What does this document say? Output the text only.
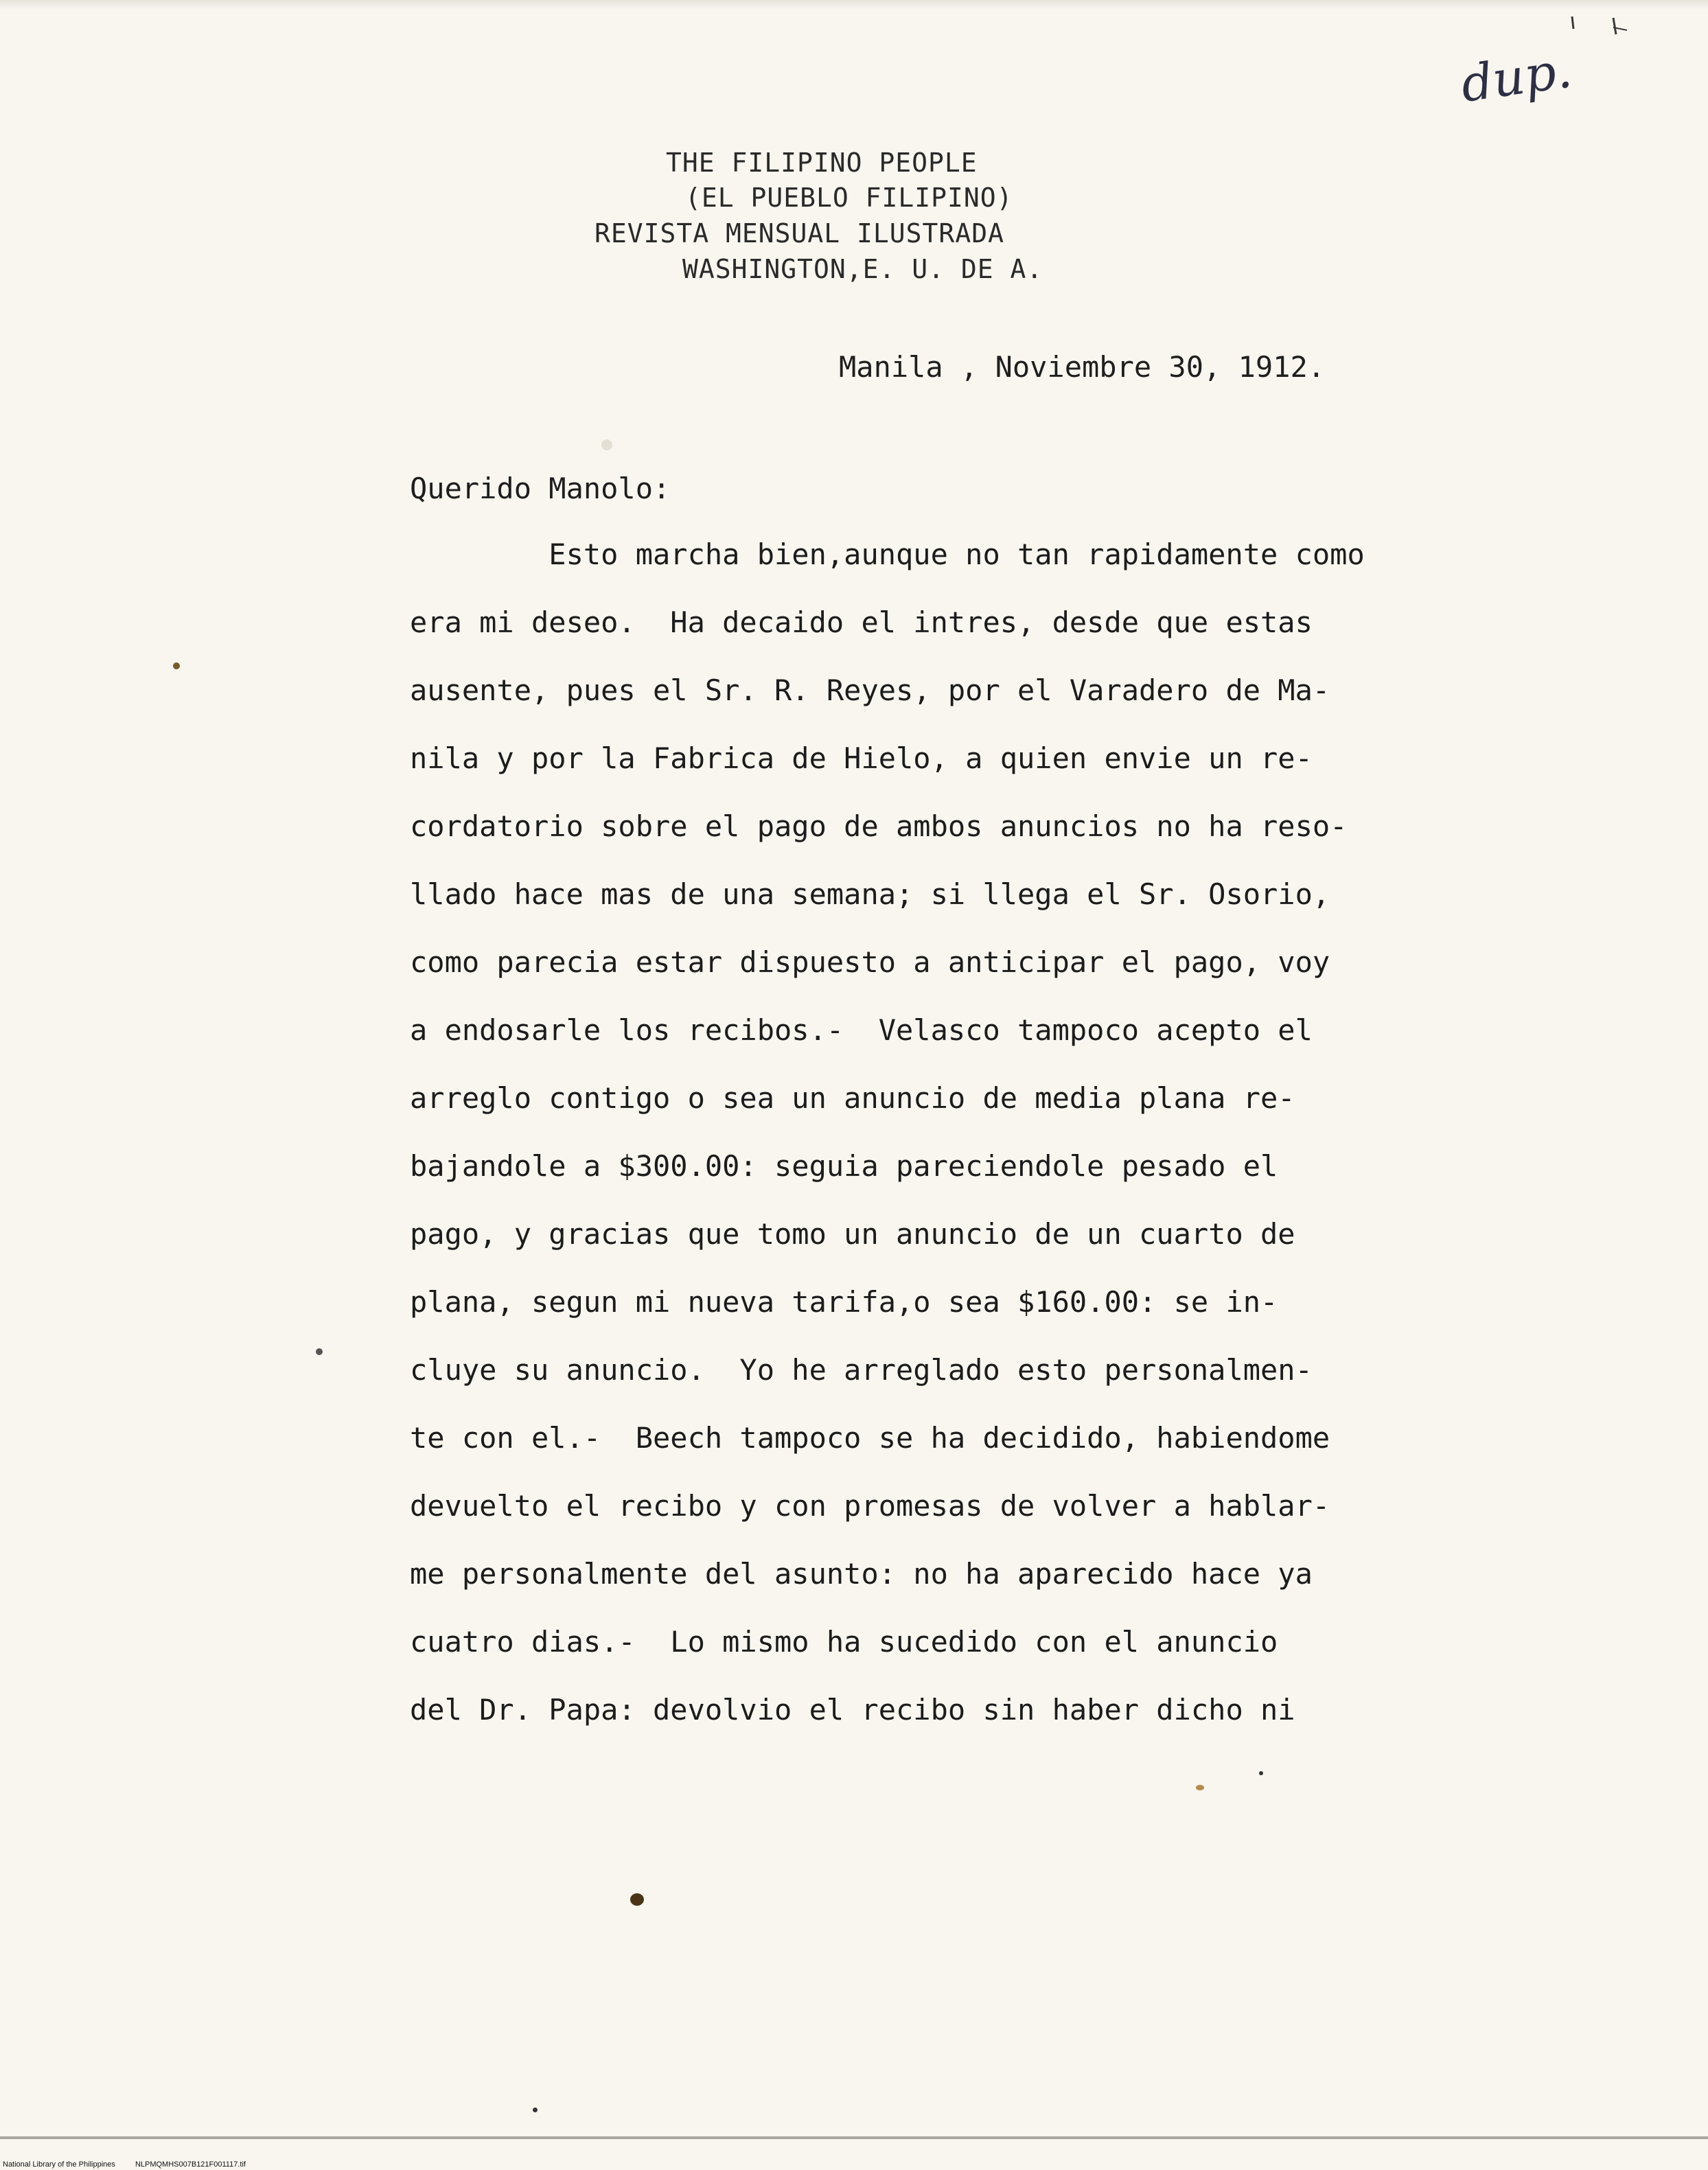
dup.
THE FILIPINO PEOPLE
(EL PUEBLO FILIPINO)
REVISTA MENSUAL ILUSTRADA
WASHINGTON,E. U. DE A.
Manila , Noviembre 30, 1912.
Querido Manolo:
Esto marcha bien,aunque no tan rapidamente como
era mi deseo.  Ha decaido el intres, desde que estas
ausente, pues el Sr. R. Reyes, por el Varadero de Ma-
nila y por la Fabrica de Hielo, a quien envie un re-
cordatorio sobre el pago de ambos anuncios no ha reso-
llado hace mas de una semana; si llega el Sr. Osorio,
como parecia estar dispuesto a anticipar el pago, voy
a endosarle los recibos.-  Velasco tampoco acepto el
arreglo contigo o sea un anuncio de media plana re-
bajandole a $300.00: seguia pareciendole pesado el
pago, y gracias que tomo un anuncio de un cuarto de
plana, segun mi nueva tarifa,o sea $160.00: se in-
cluye su anuncio.  Yo he arreglado esto personalmen-
te con el.-  Beech tampoco se ha decidido, habiendome
devuelto el recibo y con promesas de volver a hablar-
me personalmente del asunto: no ha aparecido hace ya
cuatro dias.-  Lo mismo ha sucedido con el anuncio
del Dr. Papa: devolvio el recibo sin haber dicho ni
National Library of the Philippines	NLPMQMHS007B121F001117.tif
